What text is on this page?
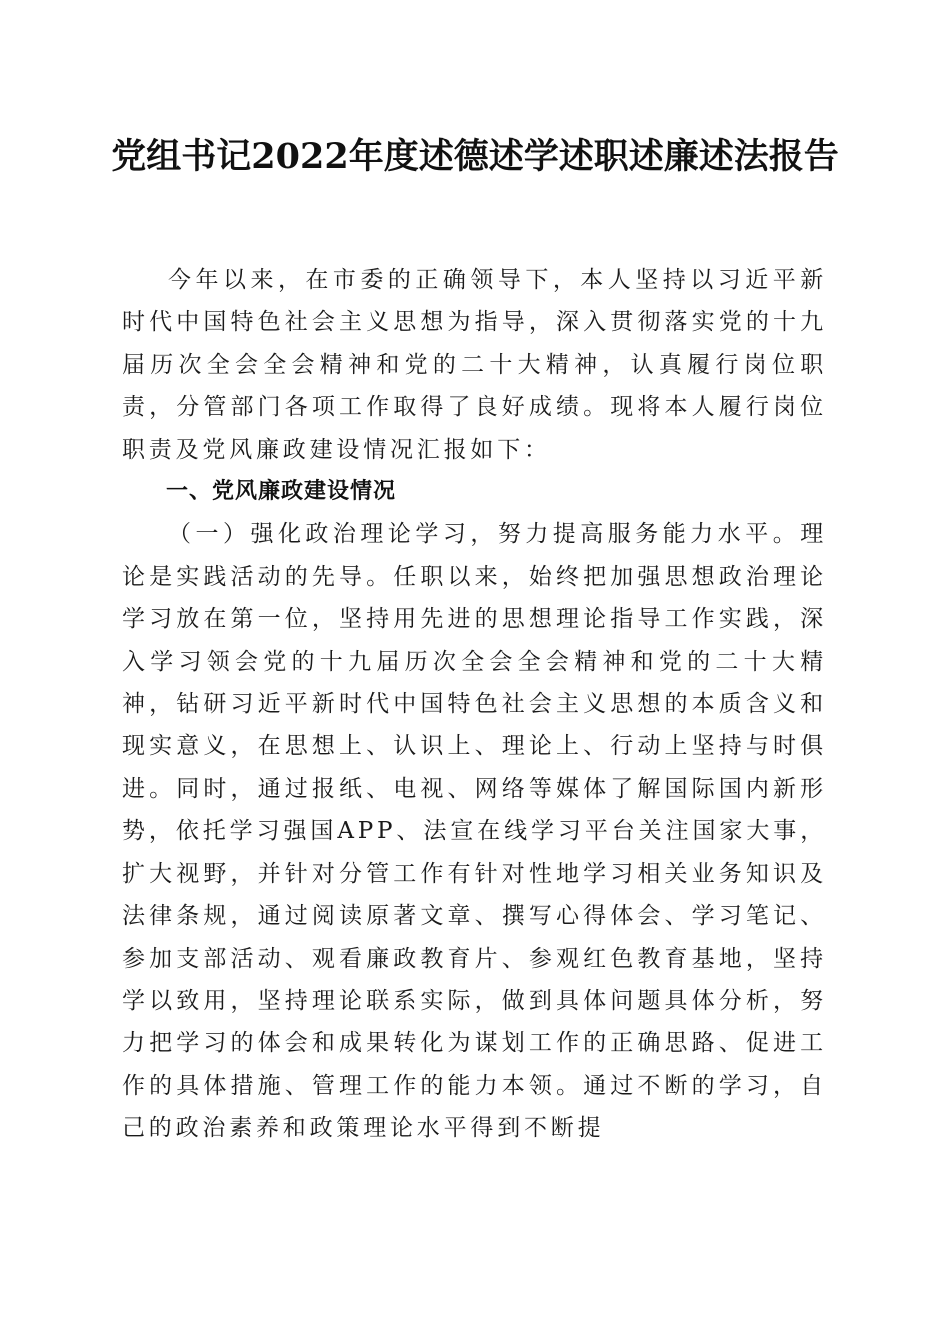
党组书记2022年度述德述学述职述廉述法报告

今年以来，在市委的正确领导下，本人坚持以习近平新时代中国特色社会主义思想为指导，深入贯彻落实党的十九届历次全会全会精神和党的二十大精神，认真履行岗位职责，分管部门各项工作取得了良好成绩。现将本人履行岗位职责及党风廉政建设情况汇报如下：

一、党风廉政建设情况

（一）强化政治理论学习，努力提高服务能力水平。理论是实践活动的先导。任职以来，始终把加强思想政治理论学习放在第一位，坚持用先进的思想理论指导工作实践，深入学习领会党的十九届历次全会全会精神和党的二十大精神，钻研习近平新时代中国特色社会主义思想的本质含义和现实意义，在思想上、认识上、理论上、行动上坚持与时俱进。同时，通过报纸、电视、网络等媒体了解国际国内新形势，依托学习强国APP、法宣在线学习平台关注国家大事，扩大视野，并针对分管工作有针对性地学习相关业务知识及法律条规，通过阅读原著文章、撰写心得体会、学习笔记、参加支部活动、观看廉政教育片、参观红色教育基地，坚持学以致用，坚持理论联系实际，做到具体问题具体分析，努力把学习的体会和成果转化为谋划工作的正确思路、促进工作的具体措施、管理工作的能力本领。通过不断的学习，自己的政治素养和政策理论水平得到不断提
